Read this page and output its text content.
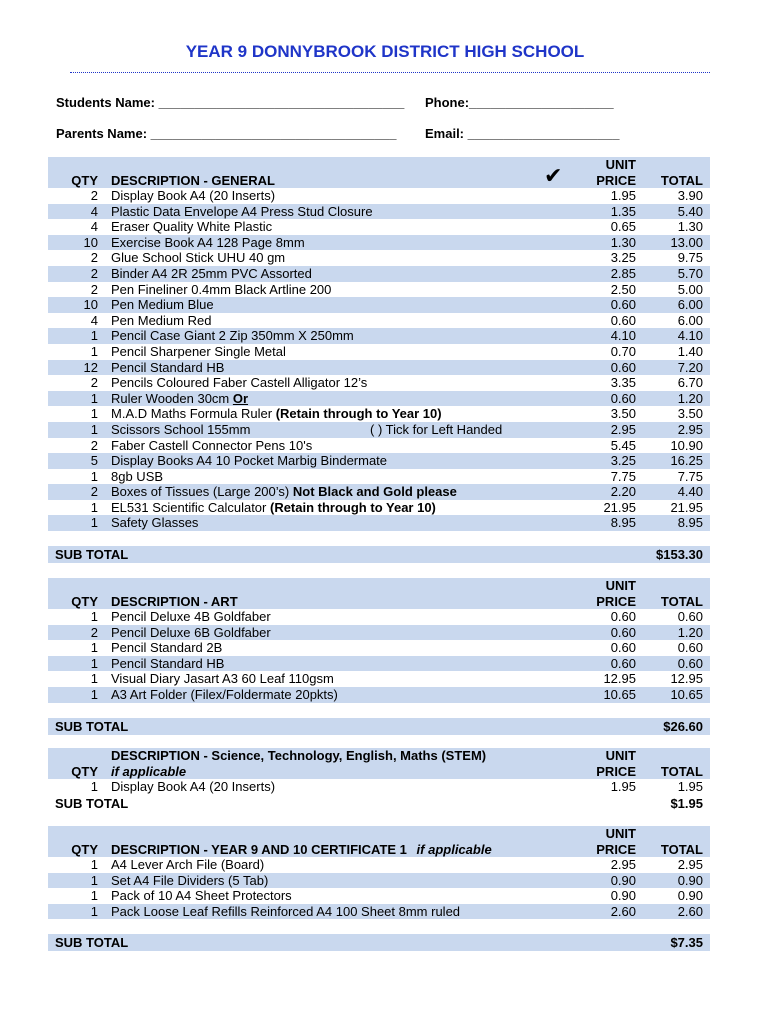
YEAR 9 DONNYBROOK DISTRICT HIGH SCHOOL
Students Name: __________________________________ Phone:____________________
Parents Name: __________________________________ Email: _____________________
✔	UNIT
QTY DESCRIPTION - GENERAL	PRICE	TOTAL
2 Display Book A4 (20 Inserts)	1.95	3.90
4 Plastic Data Envelope A4 Press Stud Closure	1.35	5.40
4 Eraser Quality White Plastic	0.65	1.30
10 Exercise Book A4 128 Page 8mm	1.30	13.00
2 Glue School Stick UHU 40 gm	3.25	9.75
2 Binder A4 2R 25mm PVC Assorted	2.85	5.70
2 Pen Fineliner 0.4mm Black Artline 200	2.50	5.00
10 Pen Medium Blue	0.60	6.00
4 Pen Medium Red	0.60	6.00
1 Pencil Case Giant 2 Zip 350mm X 250mm	4.10	4.10
1 Pencil Sharpener Single Metal	0.70	1.40
12 Pencil Standard HB	0.60	7.20
2 Pencils Coloured Faber Castell Alligator 12’s	3.35	6.70
1 Ruler Wooden 30cm Or	0.60	1.20
1 M.A.D Maths Formula Ruler (Retain through to Year 10)	3.50	3.50
1 Scissors School 155mm	( ) Tick for Left Handed	2.95	2.95
2 Faber Castell Connector Pens 10's	5.45	10.90
5 Display Books A4 10 Pocket Marbig Bindermate	3.25	16.25
1 8gb USB	7.75	7.75
2 Boxes of Tissues (Large 200’s) Not Black and Gold please	2.20	4.40
1 EL531 Scientific Calculator (Retain through to Year 10)	21.95	21.95
1 Safety Glasses	8.95	8.95
SUB TOTAL	$153.30
UNIT
QTY DESCRIPTION - ART	PRICE	TOTAL
1 Pencil Deluxe 4B Goldfaber	0.60	0.60
2 Pencil Deluxe 6B Goldfaber	0.60	1.20
1 Pencil Standard 2B	0.60	0.60
1 Pencil Standard HB	0.60	0.60
1 Visual Diary Jasart A3 60 Leaf 110gsm	12.95	12.95
1 A3 Art Folder (Filex/Foldermate 20pkts)	10.65	10.65
SUB TOTAL	$26.60
DESCRIPTION - Science, Technology, English, Maths (STEM)	UNIT
QTY if applicable	PRICE	TOTAL
1 Display Book A4 (20 Inserts)	1.95	1.95
SUB TOTAL	$1.95
UNIT
QTY DESCRIPTION - YEAR 9 AND 10 CERTIFICATE 1 if applicable	PRICE	TOTAL
1 A4 Lever Arch File (Board)	2.95	2.95
1 Set A4 File Dividers (5 Tab)	0.90	0.90
1 Pack of 10 A4 Sheet Protectors	0.90	0.90
1 Pack Loose Leaf Refills Reinforced A4 100 Sheet 8mm ruled	2.60	2.60
SUB TOTAL	$7.35
